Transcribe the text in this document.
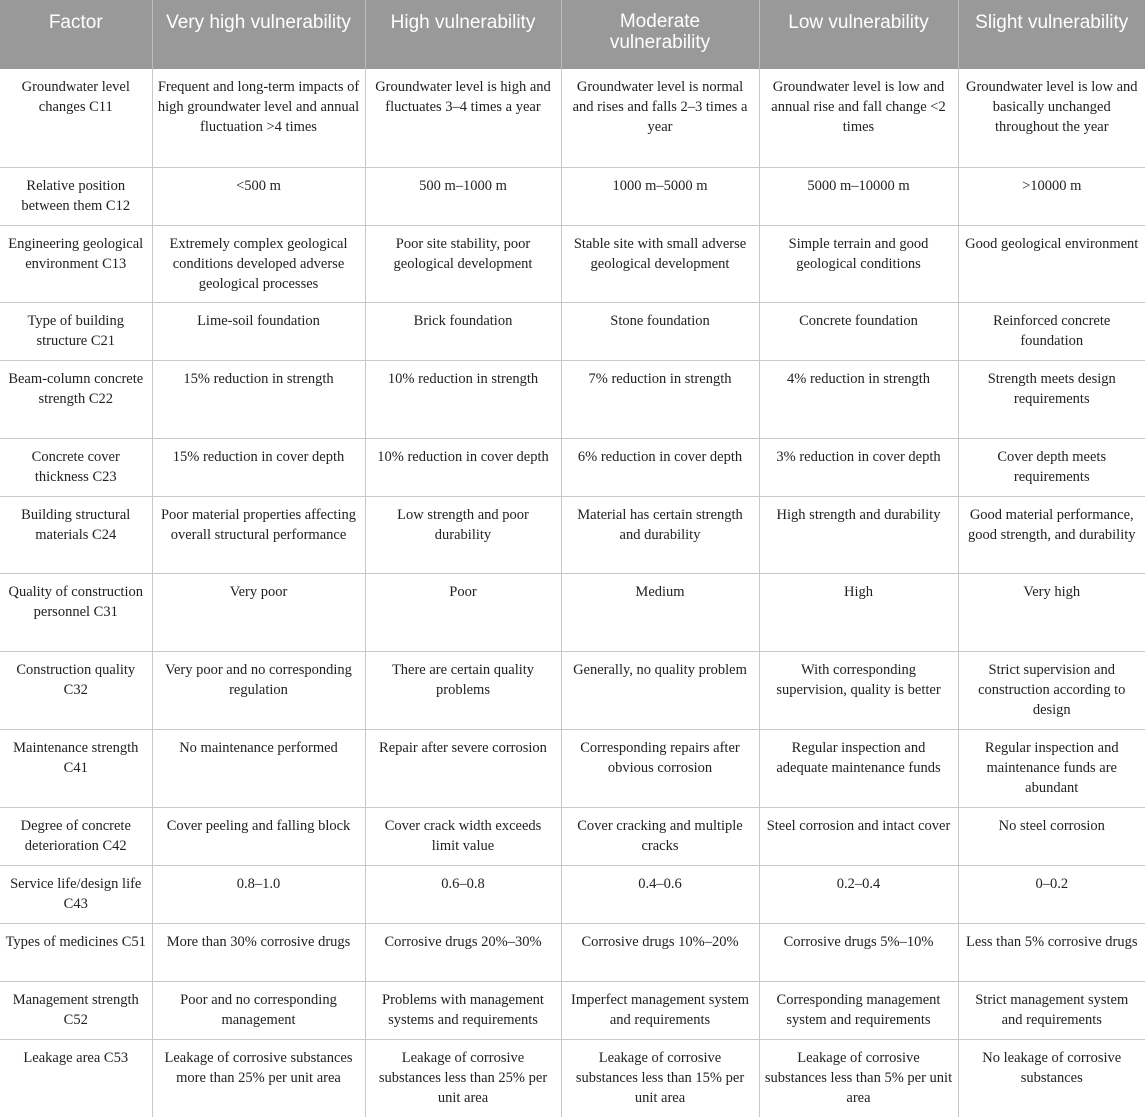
Factor	Very high vulnerability	High vulnerability	Moderate vulnerability	Low vulnerability	Slight vulnerability
Groundwater level changes C11	Frequent and long-term impacts of high groundwater level and annual fluctuation >4 times	Groundwater level is high and fluctuates 3–4 times a year	Groundwater level is normal and rises and falls 2–3 times a year	Groundwater level is low and annual rise and fall change <2 times	Groundwater level is low and basically unchanged throughout the year
Relative position between them C12	<500 m	500 m–1000 m	1000 m–5000 m	5000 m–10000 m	>10000 m
Engineering geological environment C13	Extremely complex geological conditions developed adverse geological processes	Poor site stability, poor geological development	Stable site with small adverse geological development	Simple terrain and good geological conditions	Good geological environment
Type of building structure C21	Lime-soil foundation	Brick foundation	Stone foundation	Concrete foundation	Reinforced concrete foundation
Beam-column concrete strength C22	15% reduction in strength	10% reduction in strength	7% reduction in strength	4% reduction in strength	Strength meets design requirements
Concrete cover thickness C23	15% reduction in cover depth	10% reduction in cover depth	6% reduction in cover depth	3% reduction in cover depth	Cover depth meets requirements
Building structural materials C24	Poor material properties affecting overall structural performance	Low strength and poor durability	Material has certain strength and durability	High strength and durability	Good material performance, good strength, and durability
Quality of construction personnel C31	Very poor	Poor	Medium	High	Very high
Construction quality C32	Very poor and no corresponding regulation	There are certain quality problems	Generally, no quality problem	With corresponding supervision, quality is better	Strict supervision and construction according to design
Maintenance strength C41	No maintenance performed	Repair after severe corrosion	Corresponding repairs after obvious corrosion	Regular inspection and adequate maintenance funds	Regular inspection and maintenance funds are abundant
Degree of concrete deterioration C42	Cover peeling and falling block	Cover crack width exceeds limit value	Cover cracking and multiple cracks	Steel corrosion and intact cover	No steel corrosion
Service life/design life C43	0.8–1.0	0.6–0.8	0.4–0.6	0.2–0.4	0–0.2
Types of medicines C51	More than 30% corrosive drugs	Corrosive drugs 20%–30%	Corrosive drugs 10%–20%	Corrosive drugs 5%–10%	Less than 5% corrosive drugs
Management strength C52	Poor and no corresponding management	Problems with management systems and requirements	Imperfect management system and requirements	Corresponding management system and requirements	Strict management system and requirements
Leakage area C53	Leakage of corrosive substances more than 25% per unit area	Leakage of corrosive substances less than 25% per unit area	Leakage of corrosive substances less than 15% per unit area	Leakage of corrosive substances less than 5% per unit area	No leakage of corrosive substances
